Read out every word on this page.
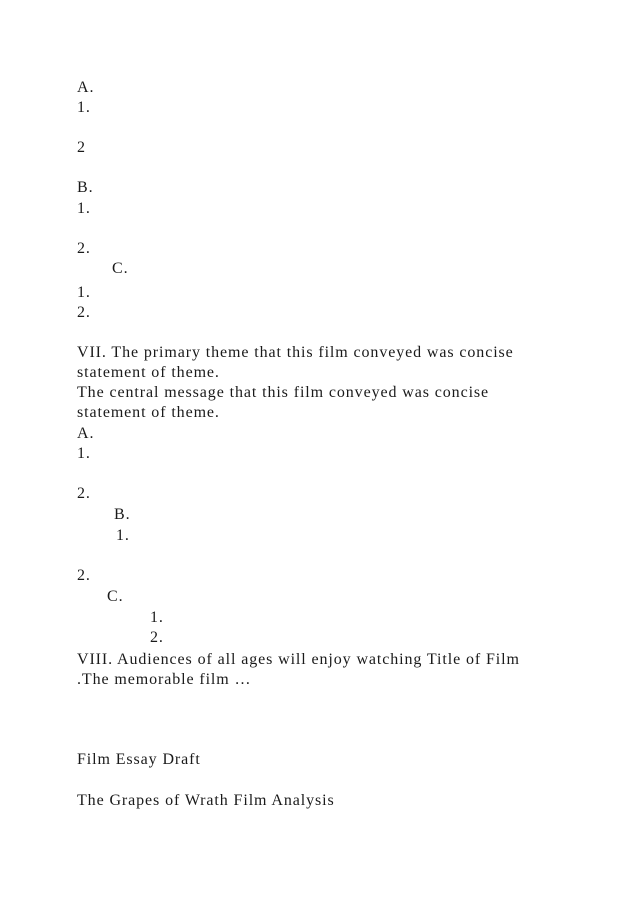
A.
1.
2
B.
1.
2.
C.
1.
2.
VII. The primary theme that this film conveyed was concise
statement of theme.
The central message that this film conveyed was concise
statement of theme.
A.
1.
2.
B.
1.
2.
C.
1.
2.
VIII. Audiences of all ages will enjoy watching Title of Film
.The memorable film …
Film Essay Draft
The Grapes of Wrath Film Analysis
